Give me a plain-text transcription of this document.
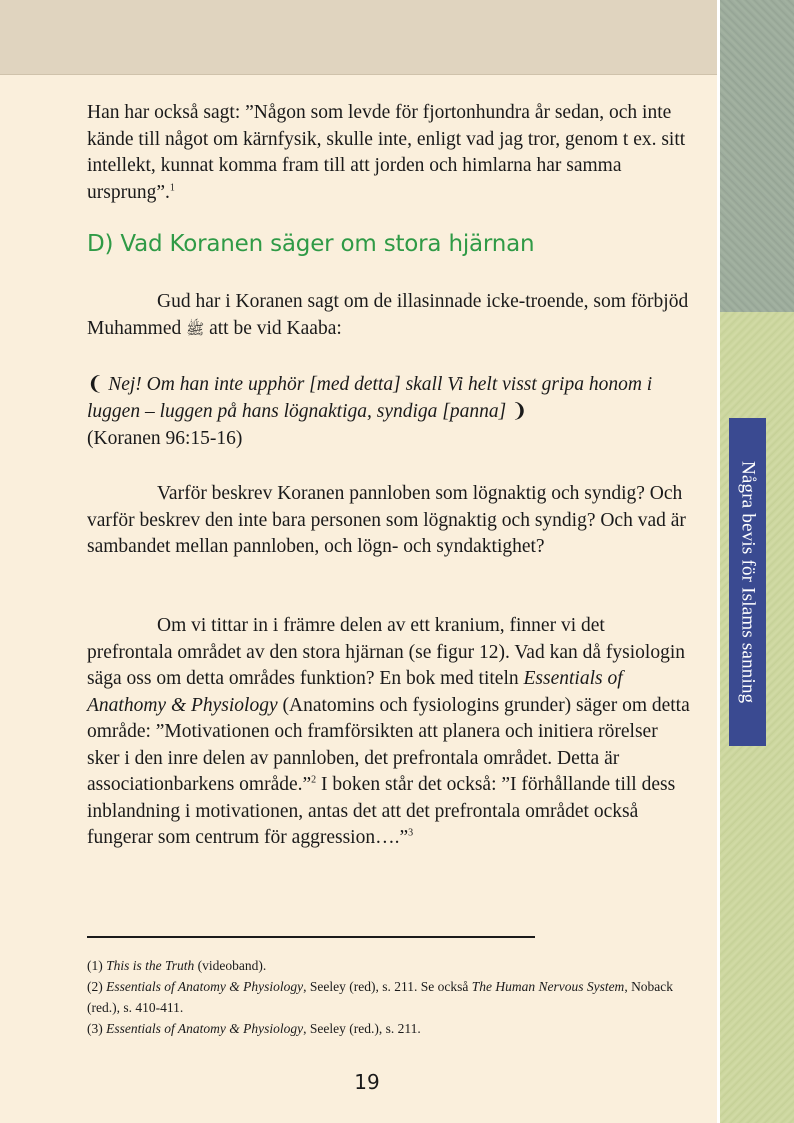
Några bevis för Islams sanning

Han har också sagt: ”Någon som levde för fjortonhundra år sedan, och inte kände till något om kärnfysik, skulle inte, enligt vad jag tror, genom t ex. sitt intellekt, kunnat komma fram till att jorden och himlarna har samma ursprung”.$^1$

D) Vad Koranen säger om stora hjärnan

Gud har i Koranen sagt om de illasinnade icke-troende, som förbjöd Muhammed ﷺ att be vid Kaaba:

❨ Nej! Om han inte upphör [med detta] skall Vi helt visst gripa honom i luggen – luggen på hans lögnaktiga, syndiga [panna] ❩
(Koranen 96:15-16)

Varför beskrev Koranen pannloben som lögnaktig och syndig? Och varför beskrev den inte bara personen som lögnaktig och syndig? Och vad är sambandet mellan pannloben, och lögn- och syndaktighet?

Om vi tittar in i främre delen av ett kranium, finner vi det prefrontala området av den stora hjärnan (se figur 12). Vad kan då fysiologin säga oss om detta områdes funktion? En bok med titeln Essentials of Anathomy & Physiology (Anatomins och fysiologins grunder) säger om detta område: ”Motivationen och framförsikten att planera och initiera rörelser sker i den inre delen av pannloben, det prefrontala området. Detta är associationbarkens område.”$^2$ I boken står det också: ”I förhållande till dess inblandning i motivationen, antas det att det prefrontala området också fungerar som centrum för aggression….”$^3$

(1) This is the Truth (videoband).
(2) Essentials of Anatomy & Physiology, Seeley (red), s. 211. Se också The Human Nervous System, Noback (red.), s. 410-411.
(3) Essentials of Anatomy & Physiology, Seeley (red.), s. 211.
19
